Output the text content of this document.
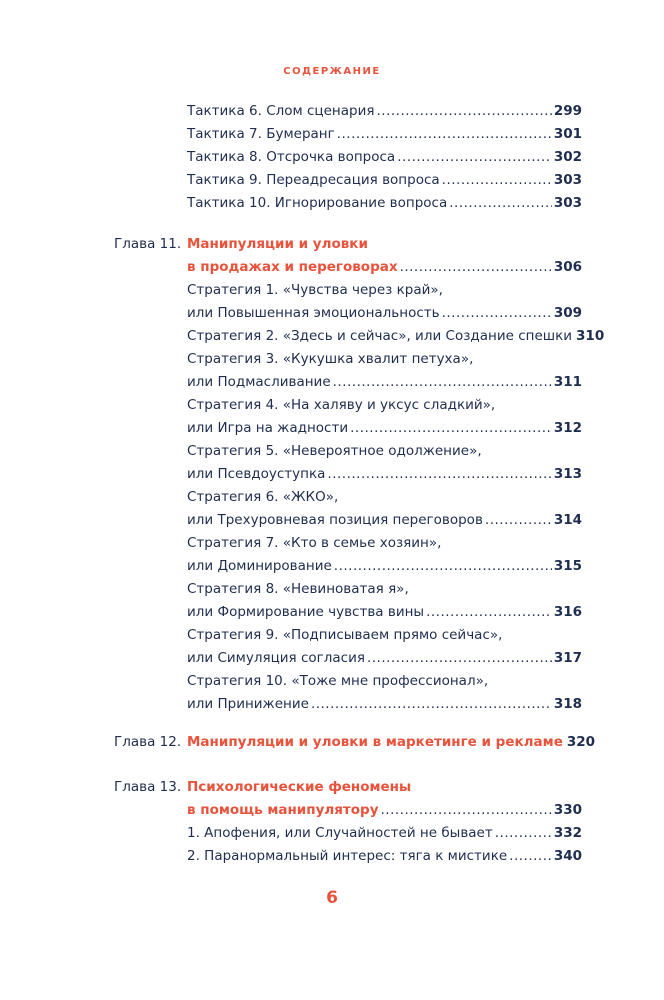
СОДЕРЖАНИЕ
Тактика 6. Слом сценария .....	299
Тактика 7. Бумеранг .....	301
Тактика 8. Отсрочка вопроса .....	302
Тактика 9. Переадресация вопроса .....	303
Тактика 10. Игнорирование вопроса .....	303
Глава 11. Манипуляции и уловки
в продажах и переговорах .....	306
Стратегия 1. «Чувства через край»,
или Повышенная эмоциональность .....	309
Стратегия 2. «Здесь и сейчас», или Создание спешки 310
Стратегия 3. «Кукушка хвалит петуха»,
или Подмасливание .....	311
Стратегия 4. «На халяву и уксус сладкий»,
или Игра на жадности .....	312
Стратегия 5. «Невероятное одолжение»,
или Псевдоуступка .....	313
Стратегия 6. «ЖКО»,
или Трехуровневая позиция переговоров .....	314
Стратегия 7. «Кто в семье хозяин»,
или Доминирование .....	315
Стратегия 8. «Невиноватая я»,
или Формирование чувства вины .....	316
Стратегия 9. «Подписываем прямо сейчас»,
или Симуляция согласия .....	317
Стратегия 10. «Тоже мне профессионал»,
или Принижение .....	318
Глава 12. Манипуляции и уловки в маркетинге и рекламе 320
Глава 13. Психологические феномены
в помощь манипулятору .....	330
1. Апофения, или Случайностей не бывает .....	332
2. Паранормальный интерес: тяга к мистике .....	340
6
